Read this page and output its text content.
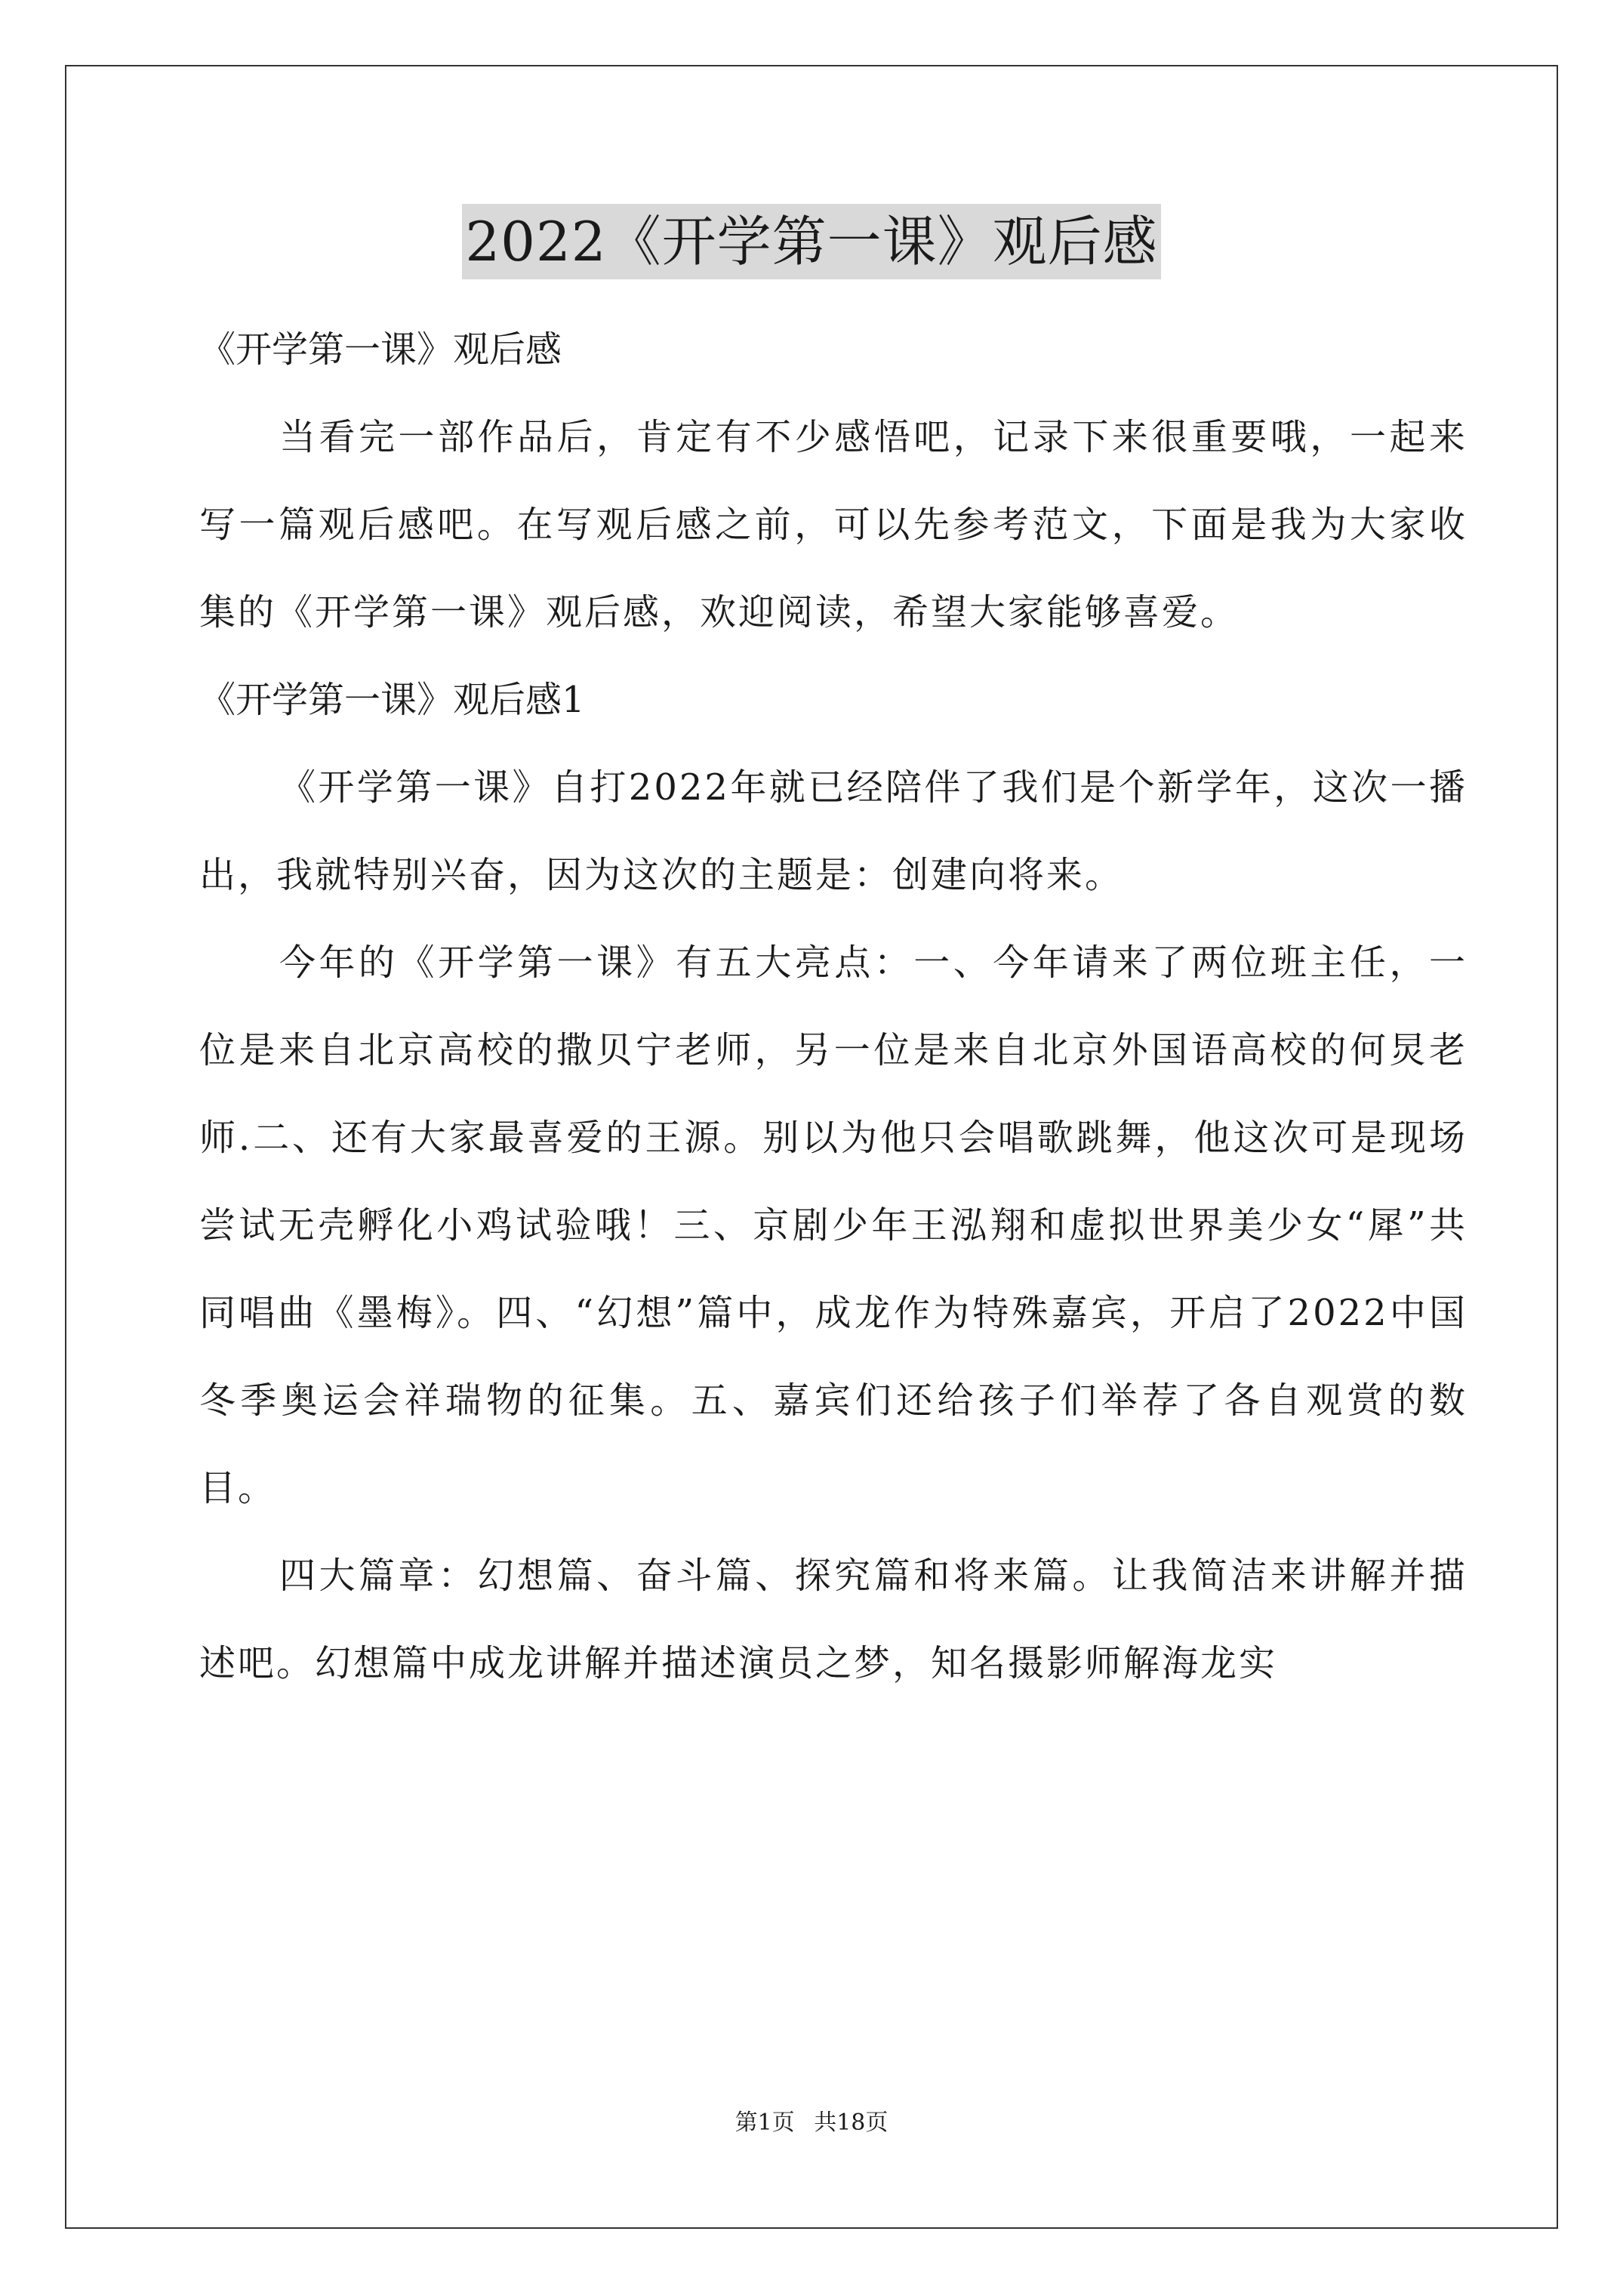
2022《开学第一课》观后感

《开学第一课》观后感

当看完一部作品后，肯定有不少感悟吧，记录下来很重要哦，一起来写一篇观后感吧。在写观后感之前，可以先参考范文，下面是我为大家收集的《开学第一课》观后感，欢迎阅读，希望大家能够喜爱。

《开学第一课》观后感1

《开学第一课》自打2022年就已经陪伴了我们是个新学年，这次一播出，我就特别兴奋，因为这次的主题是：创建向将来。

今年的《开学第一课》有五大亮点：一、今年请来了两位班主任，一位是来自北京高校的撒贝宁老师，另一位是来自北京外国语高校的何炅老师.二、还有大家最喜爱的王源。别以为他只会唱歌跳舞，他这次可是现场尝试无壳孵化小鸡试验哦！三、京剧少年王泓翔和虚拟世界美少女“犀”共同唱曲《墨梅》。四、“幻想”篇中，成龙作为特殊嘉宾，开启了2022中国冬季奥运会祥瑞物的征集。五、嘉宾们还给孩子们举荐了各自观赏的数目。

四大篇章：幻想篇、奋斗篇、探究篇和将来篇。让我简洁来讲解并描述吧。幻想篇中成龙讲解并描述演员之梦，知名摄影师解海龙实

第1页 共18页
